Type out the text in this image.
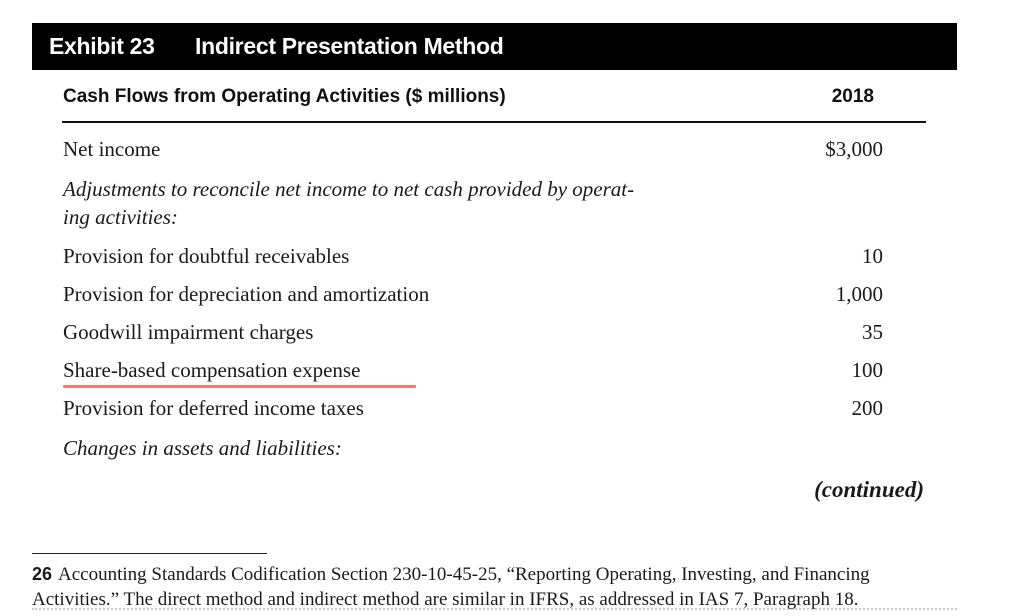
Exhibit 23 Indirect Presentation Method
Cash Flows from Operating Activities ($ millions)	2018
Net income	$3,000
Adjustments to reconcile net income to net cash provided by operat-
ing activities:
Provision for doubtful receivables	10
Provision for depreciation and amortization	1,000
Goodwill impairment charges	35
Share-based compensation expense	100
Provision for deferred income taxes	200
Changes in assets and liabilities:
(continued)
26 Accounting Standards Codification Section 230-10-45-25, “Reporting Operating, Investing, and Financing
Activities.” The direct method and indirect method are similar in IFRS, as addressed in IAS 7, Paragraph 18.
